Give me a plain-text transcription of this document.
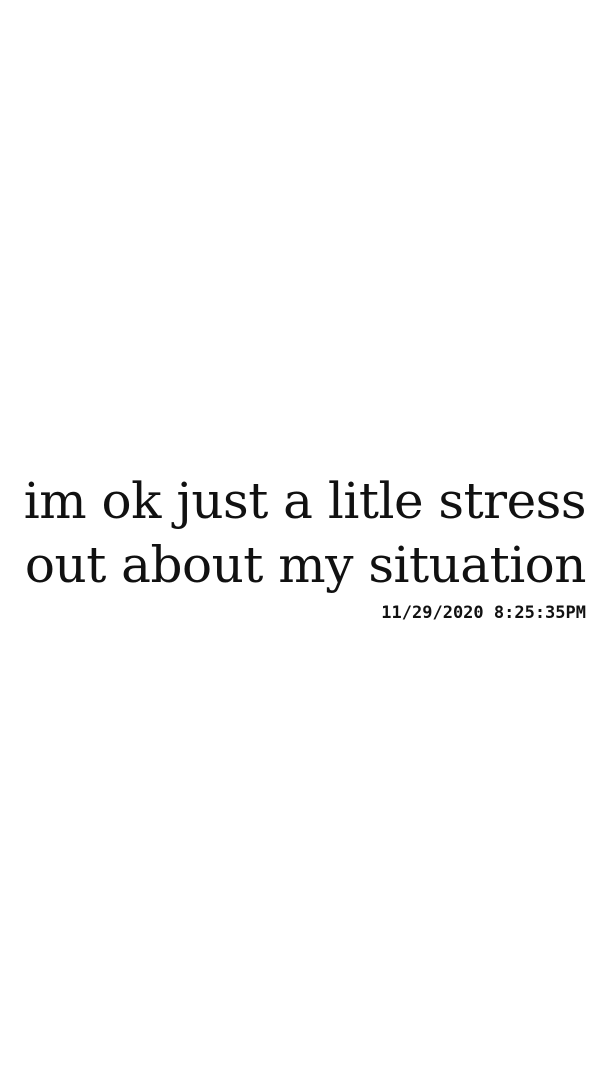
im ok just a litle stress out about my situation

11/29/2020 8:25:35PM
